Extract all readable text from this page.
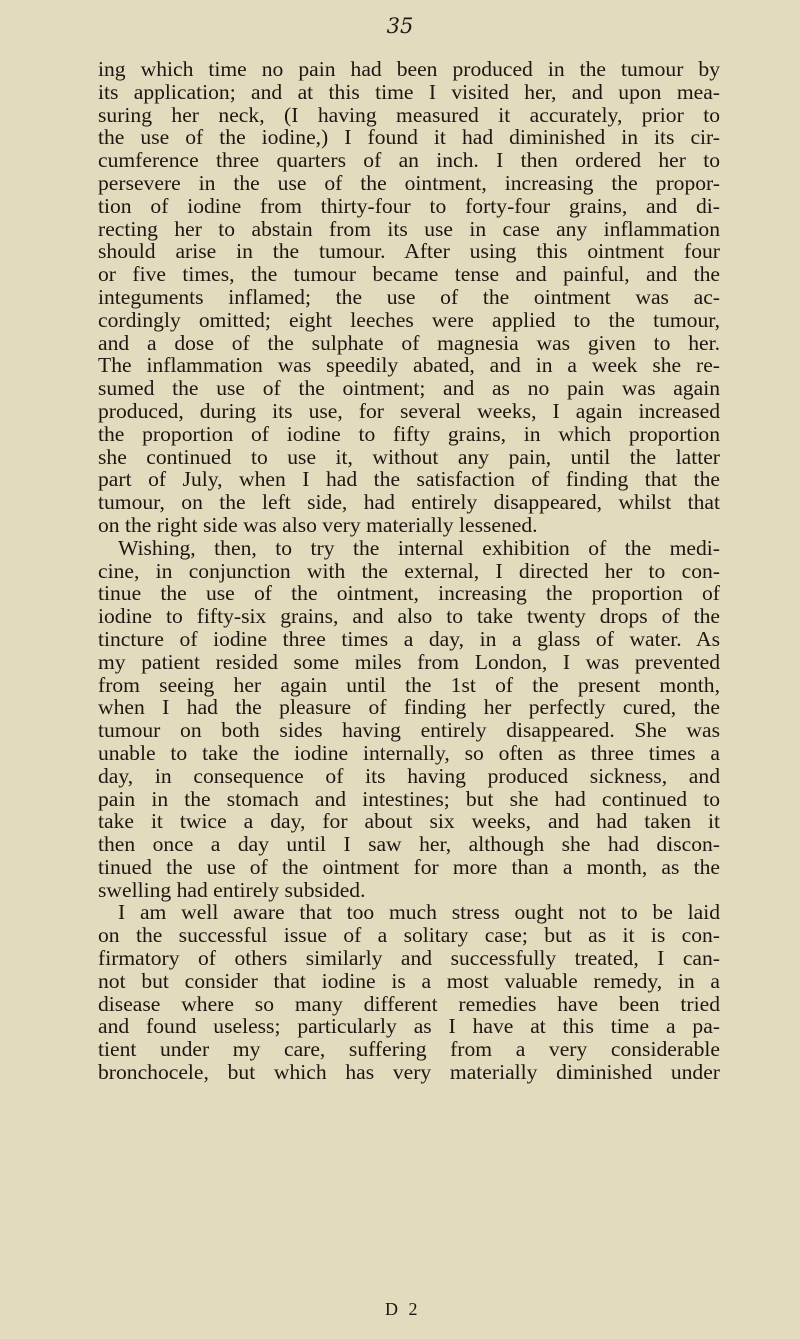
35

ing which time no pain had been produced in the tumour by

its application; and at this time I visited her, and upon mea-

suring her neck, (I having measured it accurately, prior to

the use of the iodine,) I found it had diminished in its cir-

cumference three quarters of an inch. I then ordered her to

persevere in the use of the ointment, increasing the propor-

tion of iodine from thirty-four to forty-four grains, and di-

recting her to abstain from its use in case any inflammation

should arise in the tumour. After using this ointment four

or five times, the tumour became tense and painful, and the

integuments inflamed; the use of the ointment was ac-

cordingly omitted; eight leeches were applied to the tumour,

and a dose of the sulphate of magnesia was given to her.

The inflammation was speedily abated, and in a week she re-

sumed the use of the ointment; and as no pain was again

produced, during its use, for several weeks, I again increased

the proportion of iodine to fifty grains, in which proportion

she continued to use it, without any pain, until the latter

part of July, when I had the satisfaction of finding that the

tumour, on the left side, had entirely disappeared, whilst that

on the right side was also very materially lessened.

Wishing, then, to try the internal exhibition of the medi-

cine, in conjunction with the external, I directed her to con-

tinue the use of the ointment, increasing the proportion of

iodine to fifty-six grains, and also to take twenty drops of the

tincture of iodine three times a day, in a glass of water. As

my patient resided some miles from London, I was prevented

from seeing her again until the 1st of the present month,

when I had the pleasure of finding her perfectly cured, the

tumour on both sides having entirely disappeared. She was

unable to take the iodine internally, so often as three times a

day, in consequence of its having produced sickness, and

pain in the stomach and intestines; but she had continued to

take it twice a day, for about six weeks, and had taken it

then once a day until I saw her, although she had discon-

tinued the use of the ointment for more than a month, as the

swelling had entirely subsided.

I am well aware that too much stress ought not to be laid

on the successful issue of a solitary case; but as it is con-

firmatory of others similarly and successfully treated, I can-

not but consider that iodine is a most valuable remedy, in a

disease where so many different remedies have been tried

and found useless; particularly as I have at this time a pa-

tient under my care, suffering from a very considerable

bronchocele, but which has very materially diminished under

D 2
